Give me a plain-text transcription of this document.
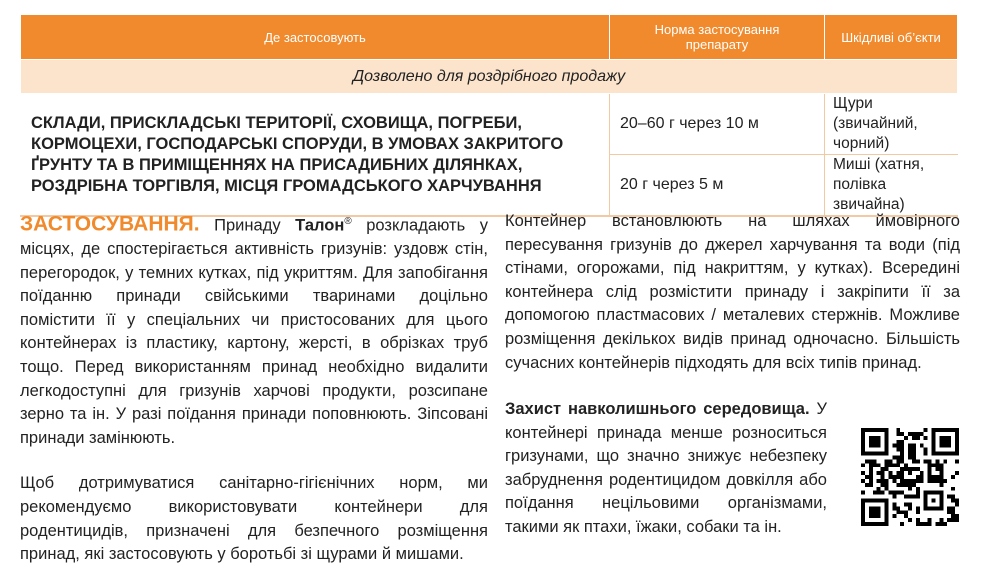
Де застосовують	Норма застосування препарату	Шкідливі об’єкти
Дозволено для роздрібного продажу		
СКЛАДИ, ПРИСКЛАДСЬКІ ТЕРИТОРІЇ, СХОВИЩА, ПОГРЕБИ, КОРМОЦЕХИ, ГОСПОДАРСЬКІ СПОРУДИ, В УМОВАХ ЗАКРИТОГО ҐРУНТУ ТА В ПРИМІЩЕННЯХ НА ПРИСАДИБНИХ ДІЛЯНКАХ, РОЗДРІБНА ТОРГІВЛЯ, МІСЦЯ ГРОМАДСЬКОГО ХАРЧУВАННЯ	20–60 г через 10 м	Щури (звичайний, чорний)
	20 г через 5 м	Миші (хатня, полівка звичайна)

ЗАСТОСУВАННЯ. Принаду Талон® розкладають у місцях, де спостерігається активність гризунів: уздовж стін, перегородок, у темних кутках, під укриттям. Для запобігання поїданню принади свійськими тваринами доцільно помістити її у спеціальних чи пристосованих для цього контейнерах із пластику, картону, жерсті, в обрізках труб тощо. Перед використанням принад необхідно видалити легкодоступні для гризунів харчові продукти, розсипане зерно та ін. У разі поїдання принади поповнюють. Зіпсовані принади замінюють.

Щоб дотримуватися санітарно-гігієнічних норм, ми рекомендуємо використовувати контейнери для родентицидів, призначені для безпечного розміщення принад, які застосовують у боротьбі зі щурами й мишами.

Контейнер встановлюють на шляхах ймовірного пересування гризунів до джерел харчування та води (під стінами, огорожами, під накриттям, у кутках). Всередині контейнера слід розмістити принаду і закріпити її за допомогою пластмасових / металевих стержнів. Можливе розміщення декількох видів принад одночасно. Більшість сучасних контейнерів підходять для всіх типів принад.

Захист навколишнього середовища. У контейнері принада менше розноситься гризунами, що значно знижує небезпеку забруднення родентицидом довкілля або поїдання нецільовими організмами, такими як птахи, їжаки, собаки та ін.
